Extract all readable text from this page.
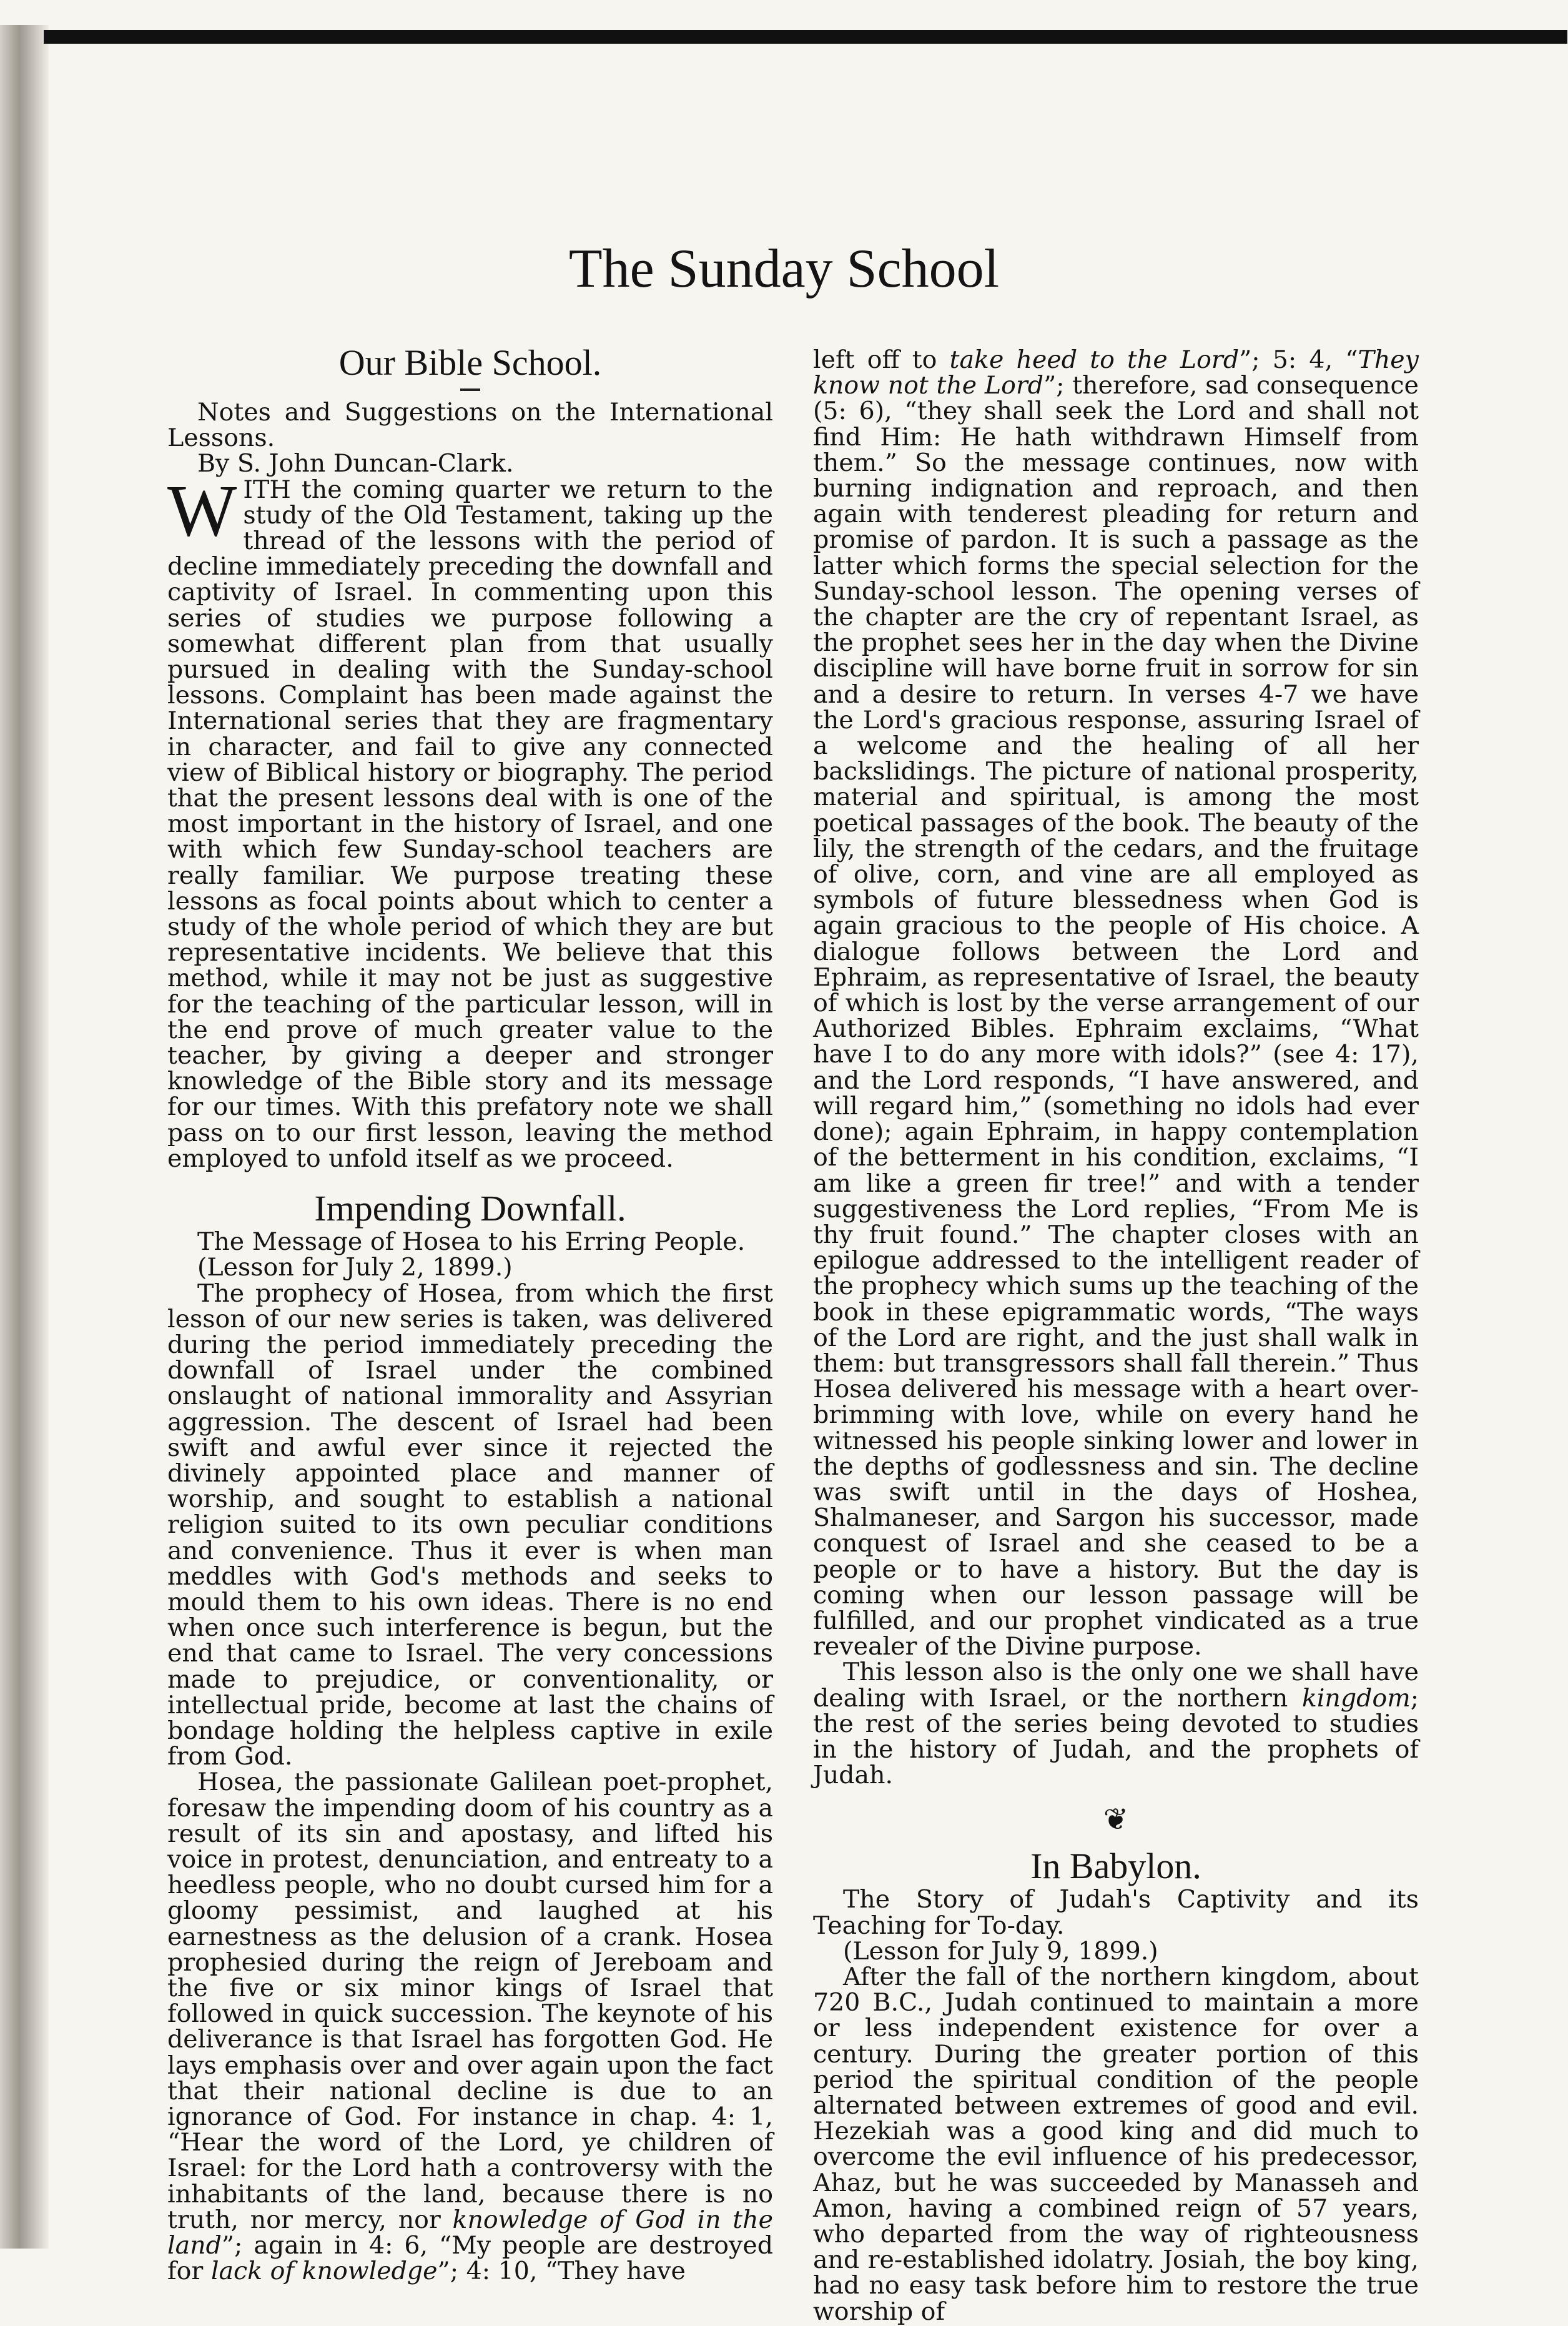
The Sunday School
Our Bible School.

Notes and Suggestions on the International Lessons.

By S. John Duncan-Clark.

WITH the coming quarter we return to the study of the Old Testament, taking up the thread of the lessons with the period of decline immediately preceding the downfall and captivity of Israel. In commenting upon this series of studies we purpose following a somewhat different plan from that usually pursued in dealing with the Sunday-school lessons. Complaint has been made against the International series that they are fragmentary in character, and fail to give any connected view of Biblical history or biography. The period that the present lessons deal with is one of the most important in the history of Israel, and one with which few Sunday-school teachers are really familiar. We purpose treating these lessons as focal points about which to center a study of the whole period of which they are but representative incidents. We believe that this method, while it may not be just as suggestive for the teaching of the particular lesson, will in the end prove of much greater value to the teacher, by giving a deeper and stronger knowledge of the Bible story and its message for our times. With this prefatory note we shall pass on to our first lesson, leaving the method employed to unfold itself as we proceed.

Impending Downfall.

The Message of Hosea to his Erring People.

(Lesson for July 2, 1899.)

The prophecy of Hosea, from which the first lesson of our new series is taken, was delivered during the period immediately preceding the downfall of Israel under the combined onslaught of national immorality and Assyrian aggression. The descent of Israel had been swift and awful ever since it rejected the divinely appointed place and manner of worship, and sought to establish a national religion suited to its own peculiar conditions and convenience. Thus it ever is when man meddles with God's methods and seeks to mould them to his own ideas. There is no end when once such interference is begun, but the end that came to Israel. The very concessions made to prejudice, or conventionality, or intellectual pride, become at last the chains of bondage holding the helpless captive in exile from God.

Hosea, the passionate Galilean poet-prophet, foresaw the impending doom of his country as a result of its sin and apostasy, and lifted his voice in protest, denunciation, and entreaty to a heedless people, who no doubt cursed him for a gloomy pessimist, and laughed at his earnestness as the delusion of a crank. Hosea prophesied during the reign of Jereboam and the five or six minor kings of Israel that followed in quick succession. The keynote of his deliverance is that Israel has forgotten God. He lays emphasis over and over again upon the fact that their national decline is due to an ignorance of God. For instance in chap. 4: 1, “Hear the word of the Lord, ye children of Israel: for the Lord hath a controversy with the inhabitants of the land, because there is no truth, nor mercy, nor knowledge of God in the land”; again in 4: 6, “My people are destroyed for lack of knowledge”; 4: 10, “They have

left off to take heed to the Lord”; 5: 4, “They know not the Lord”; therefore, sad consequence (5: 6), “they shall seek the Lord and shall not find Him: He hath withdrawn Himself from them.” So the message continues, now with burning indignation and reproach, and then again with tenderest pleading for return and promise of pardon. It is such a passage as the latter which forms the special selection for the Sunday-school lesson. The opening verses of the chapter are the cry of repentant Israel, as the prophet sees her in the day when the Divine discipline will have borne fruit in sorrow for sin and a desire to return. In verses 4-7 we have the Lord's gracious response, assuring Israel of a welcome and the healing of all her backslidings. The picture of national prosperity, material and spiritual, is among the most poetical passages of the book. The beauty of the lily, the strength of the cedars, and the fruitage of olive, corn, and vine are all employed as symbols of future blessedness when God is again gracious to the people of His choice. A dialogue follows between the Lord and Ephraim, as representative of Israel, the beauty of which is lost by the verse arrangement of our Authorized Bibles. Ephraim exclaims, “What have I to do any more with idols?” (see 4: 17), and the Lord responds, “I have answered, and will regard him,” (something no idols had ever done); again Ephraim, in happy contemplation of the betterment in his condition, exclaims, “I am like a green fir tree!” and with a tender suggestiveness the Lord replies, “From Me is thy fruit found.” The chapter closes with an epilogue addressed to the intelligent reader of the prophecy which sums up the teaching of the book in these epigrammatic words, “The ways of the Lord are right, and the just shall walk in them: but transgressors shall fall therein.” Thus Hosea delivered his message with a heart over-brimming with love, while on every hand he witnessed his people sinking lower and lower in the depths of godlessness and sin. The decline was swift until in the days of Hoshea, Shalmaneser, and Sargon his successor, made conquest of Israel and she ceased to be a people or to have a history. But the day is coming when our lesson passage will be fulfilled, and our prophet vindicated as a true revealer of the Divine purpose.

This lesson also is the only one we shall have dealing with Israel, or the northern kingdom; the rest of the series being devoted to studies in the history of Judah, and the prophets of Judah.

❦
In Babylon.

The Story of Judah's Captivity and its Teaching for To-day.

(Lesson for July 9, 1899.)

After the fall of the northern kingdom, about 720 B.C., Judah continued to maintain a more or less independent existence for over a century. During the greater portion of this period the spiritual condition of the people alternated between extremes of good and evil. Hezekiah was a good king and did much to overcome the evil influence of his predecessor, Ahaz, but he was succeeded by Manasseh and Amon, having a combined reign of 57 years, who departed from the way of righteousness and re-established idolatry. Josiah, the boy king, had no easy task before him to restore the true worship of
